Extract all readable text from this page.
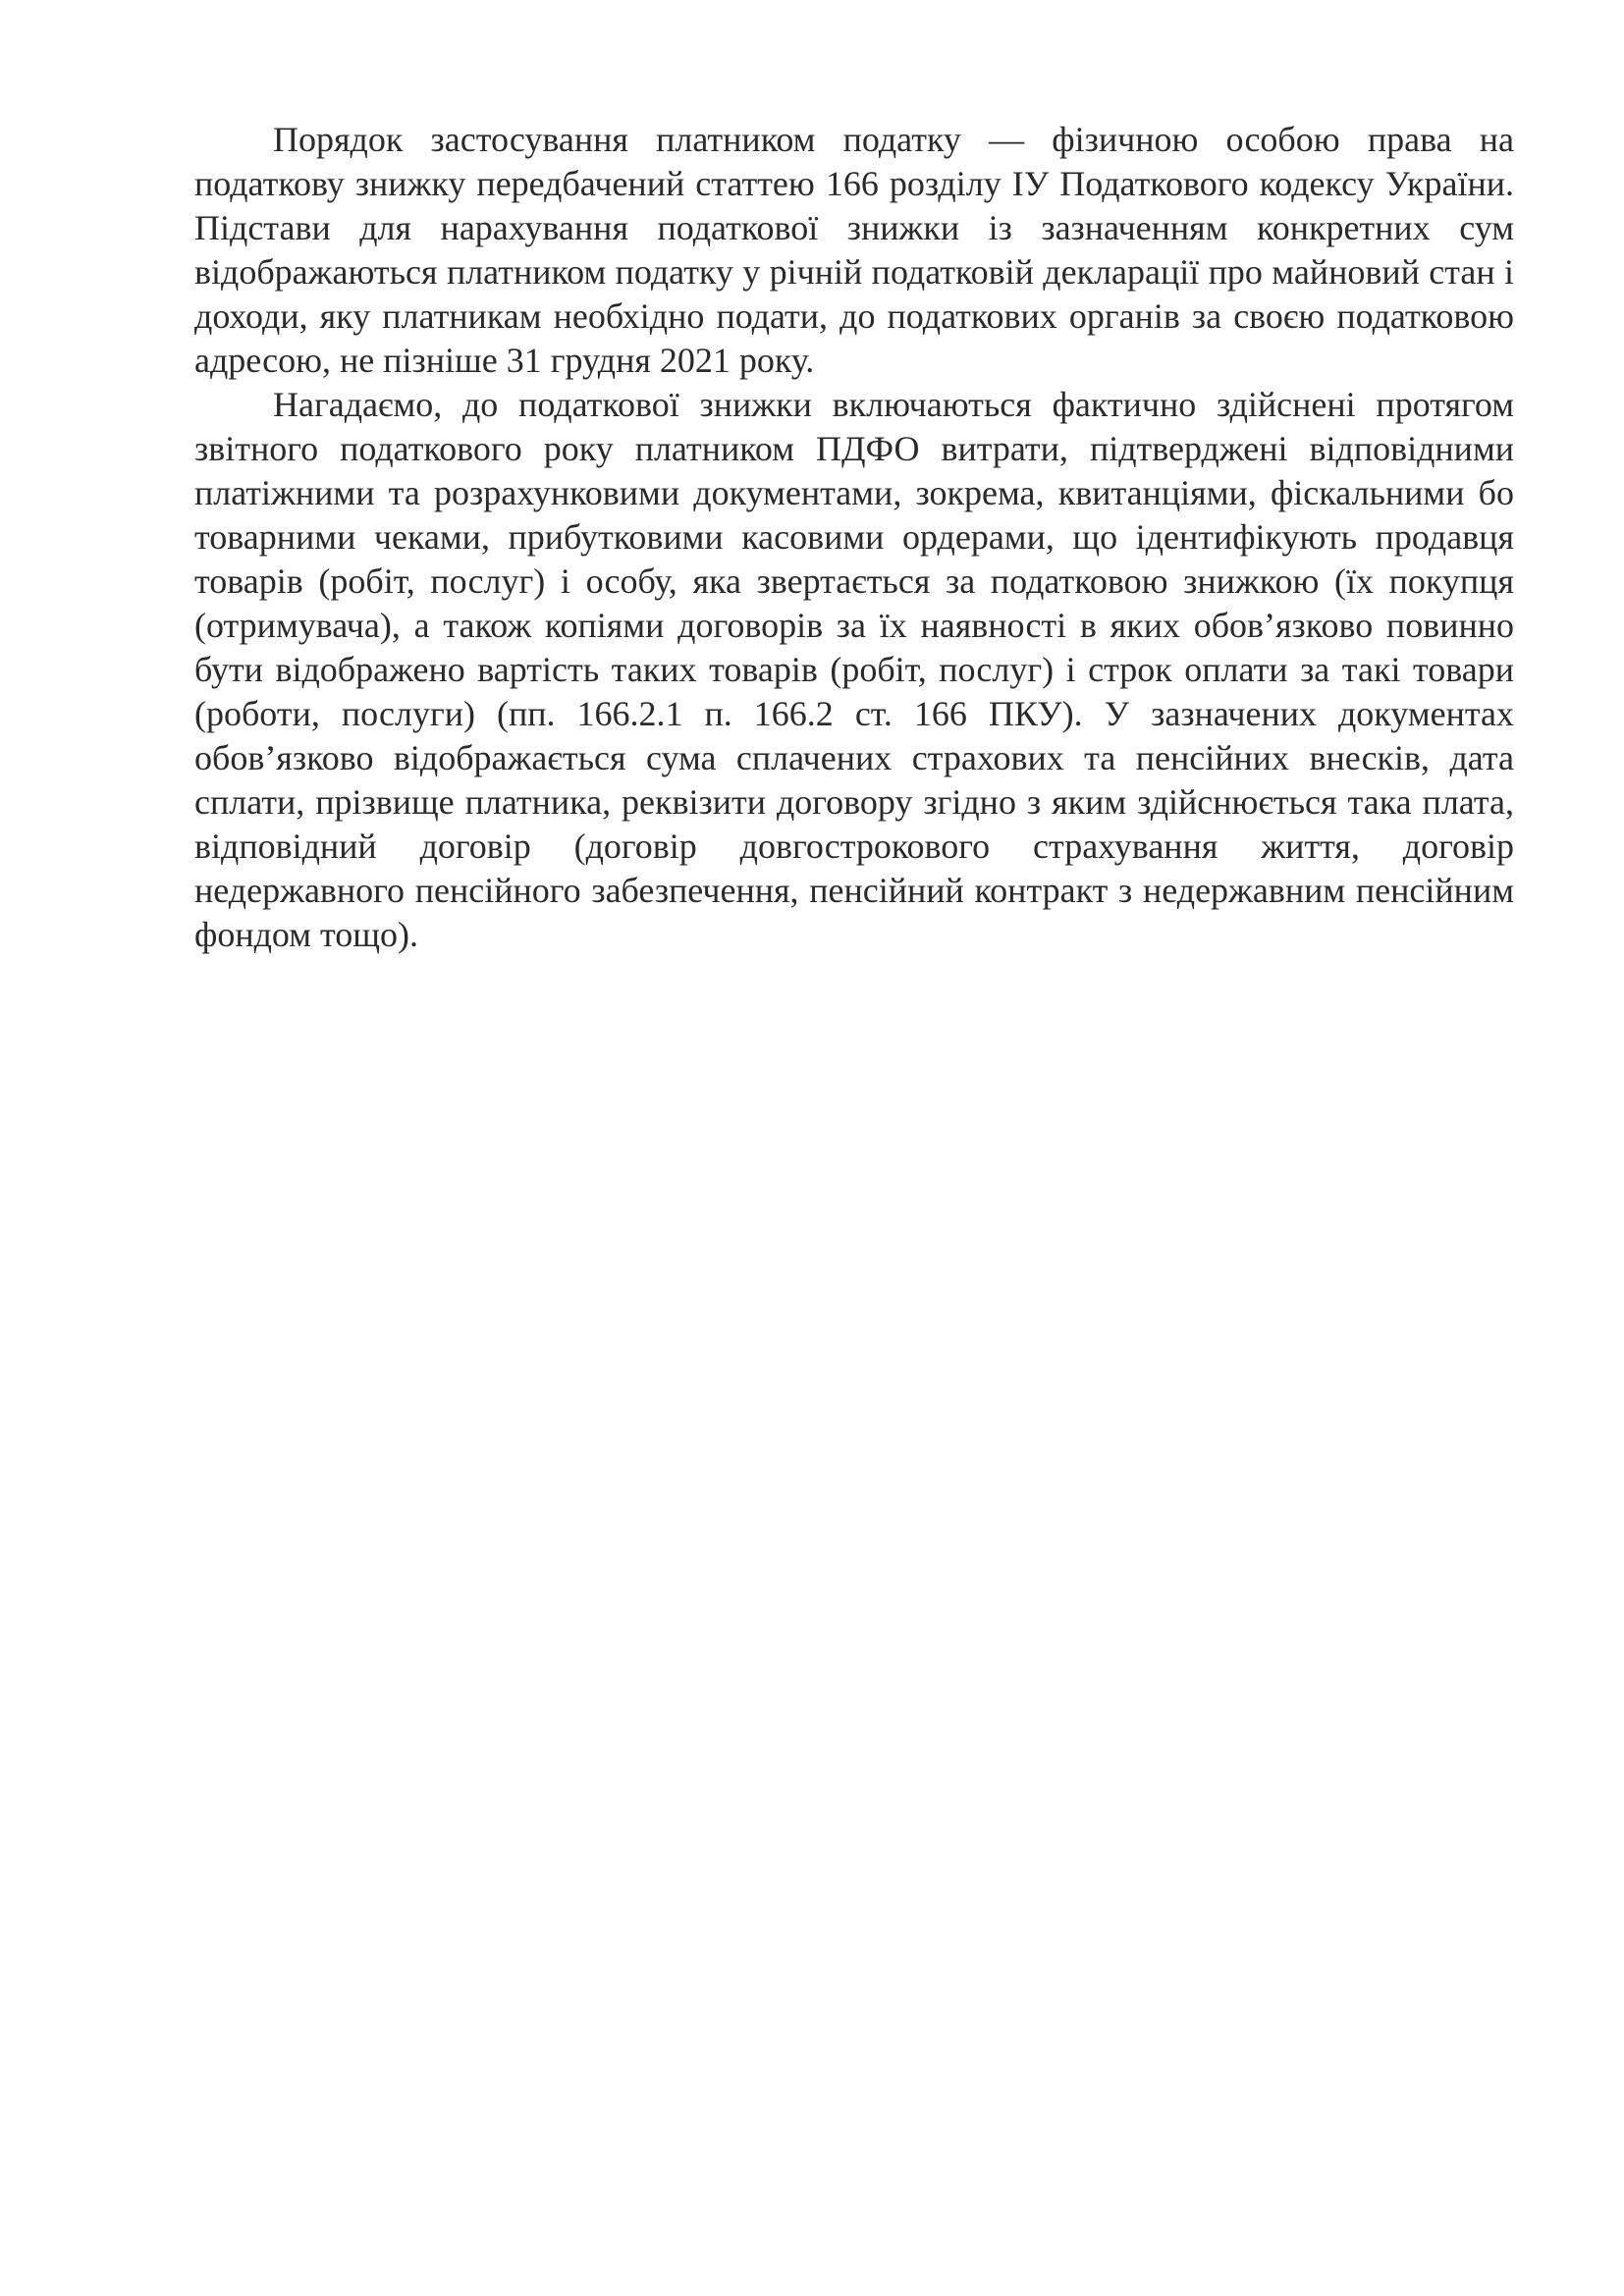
Порядок застосування платником податку — фізичною особою права на податкову знижку передбачений статтею 166 розділу ІУ Податкового кодексу України. Підстави для нарахування податкової знижки із зазначенням конкретних сум відображаються платником податку у річній податковій декларації про майновий стан і доходи, яку платникам необхідно подати, до податкових органів за своєю податковою адресою, не пізніше 31 грудня 2021 року.

Нагадаємо, до податкової знижки включаються фактично здійснені протягом звітного податкового року платником ПДФО витрати, підтверджені відповідними платіжними та розрахунковими документами, зокрема, квитанціями, фіскальними бо товарними чеками, прибутковими касовими ордерами, що ідентифікують продавця товарів (робіт, послуг) і особу, яка звертається за податковою знижкою (їх покупця (отримувача), а також копіями договорів за їх наявності в яких обов’язково повинно бути відображено вартість таких товарів (робіт, послуг) і строк оплати за такі товари (роботи, послуги) (пп. 166.2.1 п. 166.2 ст. 166 ПКУ). У зазначених документах обов’язково відображається сума сплачених страхових та пенсійних внесків, дата сплати, прізвище платника, реквізити договору згідно з яким здійснюється така плата, відповідний договір (договір довгострокового страхування життя, договір недержавного пенсійного забезпечення, пенсійний контракт з недержавним пенсійним фондом тощо).
